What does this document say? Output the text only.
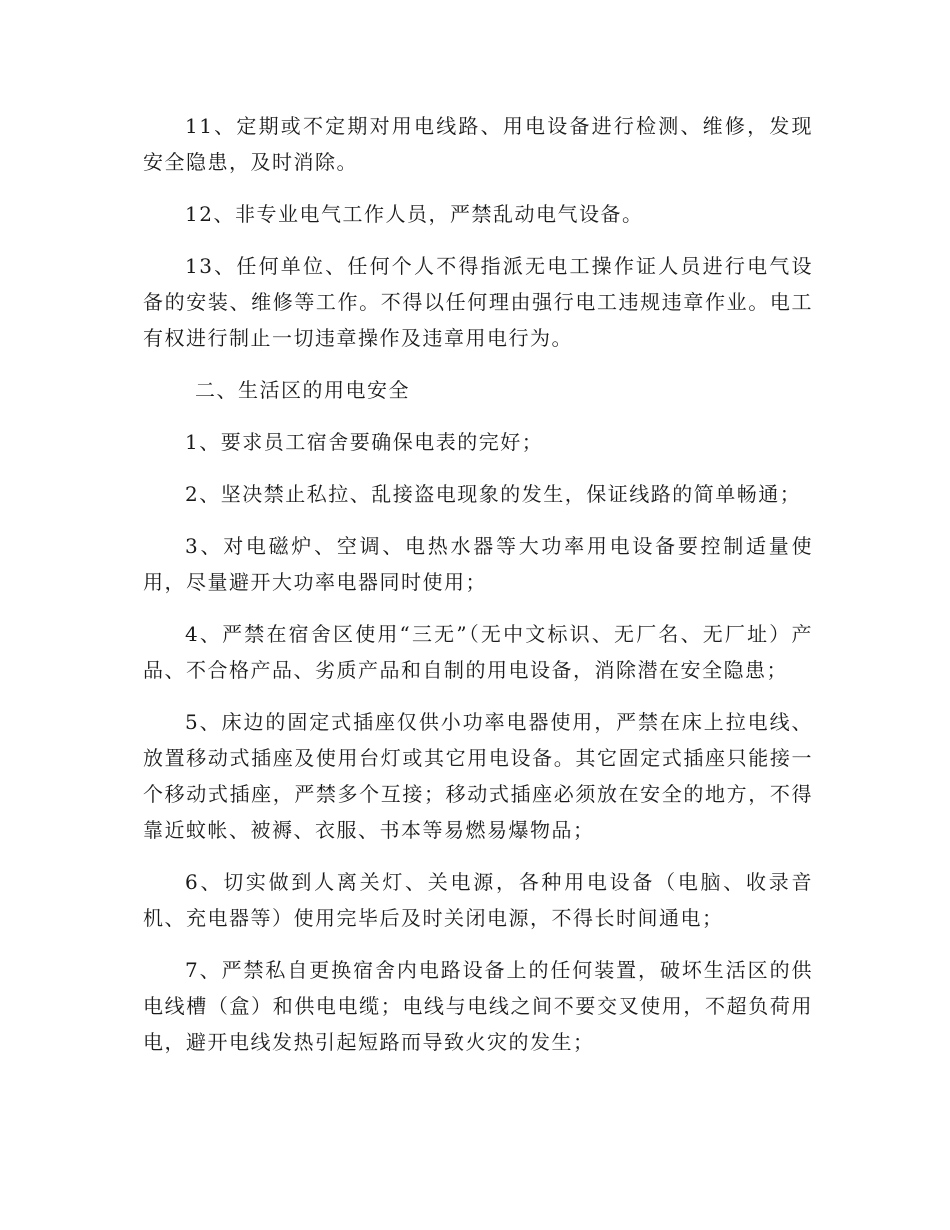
11、定期或不定期对用电线路、用电设备进行检测、维修，发现安全隐患，及时消除。

12、非专业电气工作人员，严禁乱动电气设备。

13、任何单位、任何个人不得指派无电工操作证人员进行电气设备的安装、维修等工作。不得以任何理由强行电工违规违章作业。电工有权进行制止一切违章操作及违章用电行为。

二、生活区的用电安全

1、要求员工宿舍要确保电表的完好；

2、坚决禁止私拉、乱接盗电现象的发生，保证线路的简单畅通；

3、对电磁炉、空调、电热水器等大功率用电设备要控制适量使用，尽量避开大功率电器同时使用；

4、严禁在宿舍区使用“三无”（无中文标识、无厂名、无厂址）产品、不合格产品、劣质产品和自制的用电设备，消除潜在安全隐患；

5、床边的固定式插座仅供小功率电器使用，严禁在床上拉电线、放置移动式插座及使用台灯或其它用电设备。其它固定式插座只能接一个移动式插座，严禁多个互接；移动式插座必须放在安全的地方，不得靠近蚊帐、被褥、衣服、书本等易燃易爆物品；

6、切实做到人离关灯、关电源，各种用电设备（电脑、收录音机、充电器等）使用完毕后及时关闭电源，不得长时间通电；

7、严禁私自更换宿舍内电路设备上的任何装置，破坏生活区的供电线槽（盒）和供电电缆；电线与电线之间不要交叉使用，不超负荷用电，避开电线发热引起短路而导致火灾的发生；
